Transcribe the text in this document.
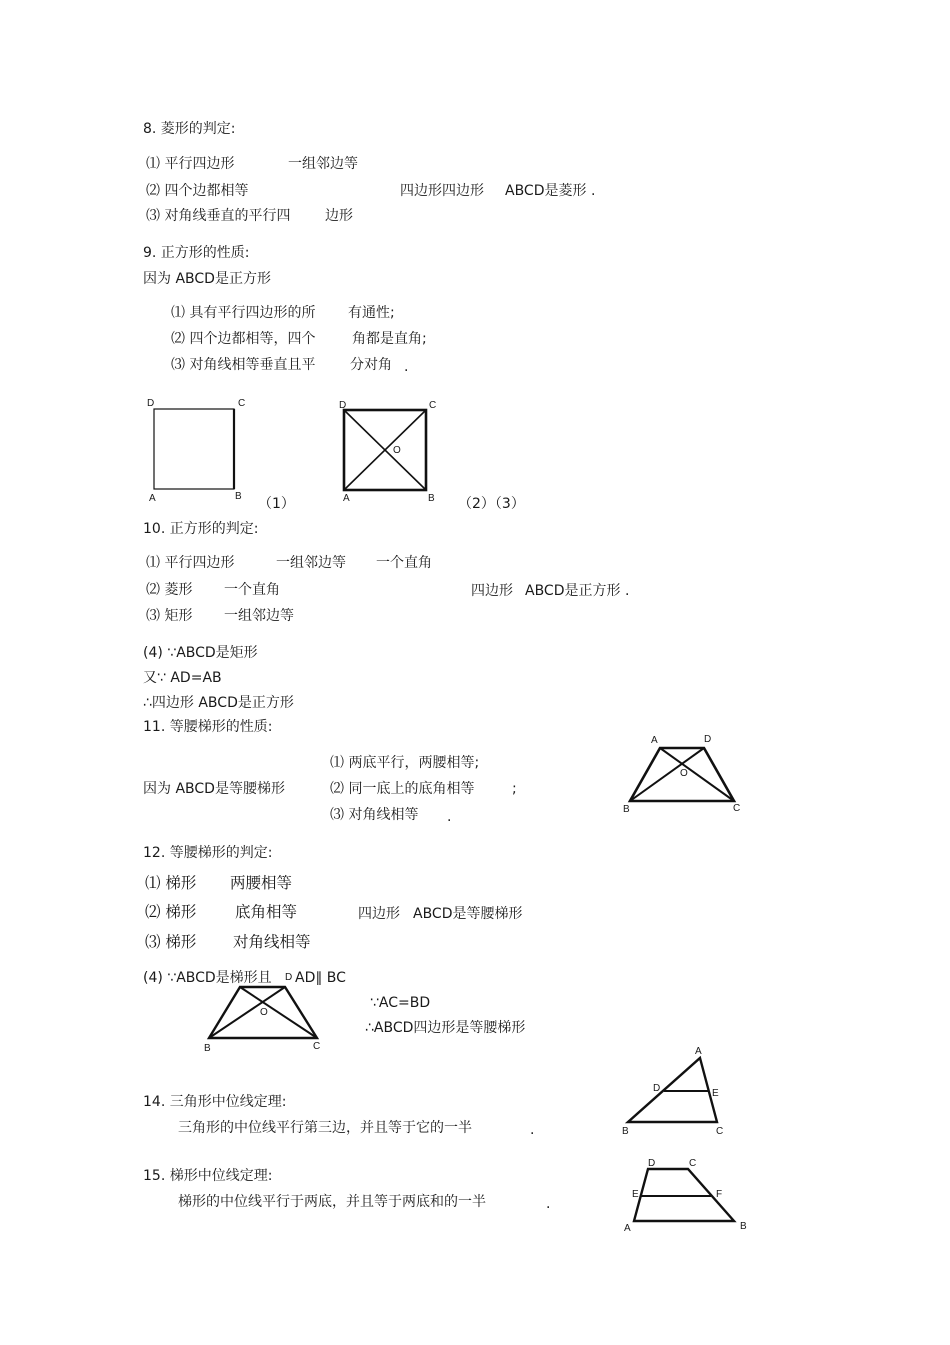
8. 菱形的判定:
⑴ 平行四边形	一组邻边等
⑵ 四个边都相等	四边形四边形 ABCD是菱形 .
⑶ 对角线垂直的平行四 边形
9. 正方形的性质:
因为 ABCD是正方形
⑴ 具有平行四边形的所 有通性;
⑵ 四个边都相等，四个	角都是直角;
⑶ 对角线相等垂直且平 分对角 .
D	C
A	B （1）
D	C
O
A	B （2）（3）
10. 正方形的判定:
⑴ 平行四边形	一组邻边等 一个直角
⑵ 菱形 一个直角	四边形 ABCD是正方形 .
⑶ 矩形 一组邻边等
(4) ∵ABCD是矩形
又∵ AD=AB
∴四边形 ABCD是正方形
11. 等腰梯形的性质:
因为 ABCD是等腰梯形
⑴ 两底平行，两腰相等;
⑵ 同一底上的底角相等	;
⑶ 对角线相等 .
A	D
O
B	C
12. 等腰梯形的判定:
⑴ 梯形 两腰相等
⑵ 梯形 底角相等	四边形 ABCD是等腰梯形
⑶ 梯形 对角线相等
(4) ∵ABCD是梯形且 AD∥ BC
∵AC=BD
∴ABCD四边形是等腰梯形
D
O
B	C
14. 三角形中位线定理:
三角形的中位线平行第三边，并且等于它的一半	.
A
D	E
B	C
15. 梯形中位线定理:
梯形的中位线平行于两底，并且等于两底和的一半	.
D	C
E	F
A	B
